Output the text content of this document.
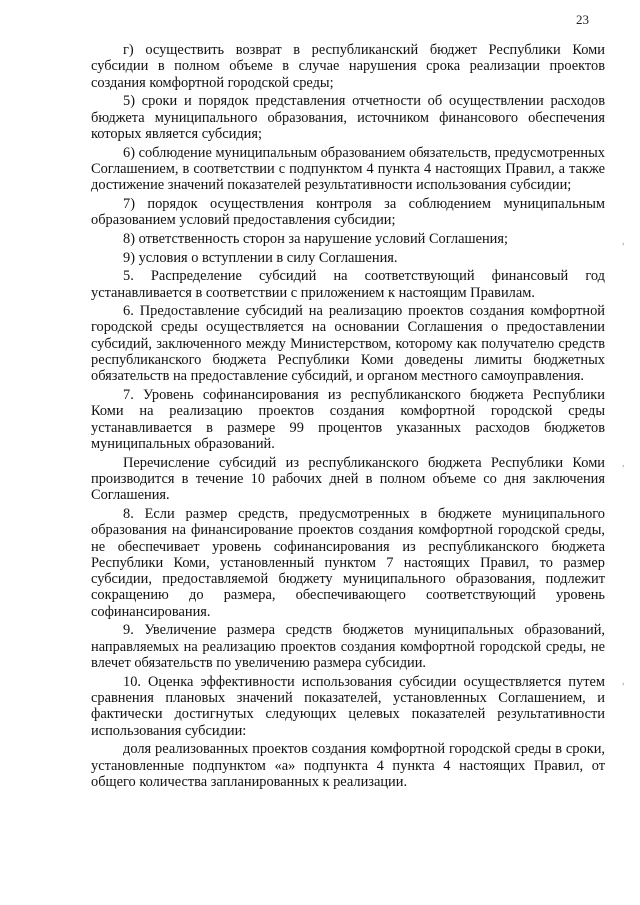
23

г) осуществить возврат в республиканский бюджет Республики Коми субсидии в полном объеме в случае нарушения срока реализации проектов создания комфортной городской среды;

5) сроки и порядок представления отчетности об осуществлении расходов бюджета муниципального образования, источником финансового обеспечения которых является субсидия;

6) соблюдение муниципальным образованием обязательств, предусмотренных Соглашением, в соответствии с подпунктом 4 пункта 4 настоящих Правил, а также достижение значений показателей результативности использования субсидии;

7) порядок осуществления контроля за соблюдением муниципальным образованием условий предоставления субсидии;

8) ответственность сторон за нарушение условий Соглашения;

9) условия о вступлении в силу Соглашения.

5. Распределение субсидий на соответствующий финансовый год устанавливается в соответствии с приложением к настоящим Правилам.

6. Предоставление субсидий на реализацию проектов создания комфортной городской среды осуществляется на основании Соглашения о предоставлении субсидий, заключенного между Министерством, которому как получателю средств республиканского бюджета Республики Коми доведены лимиты бюджетных обязательств на предоставление субсидий, и органом местного самоуправления.

7. Уровень софинансирования из республиканского бюджета Республики Коми на реализацию проектов создания комфортной городской среды устанавливается в размере 99 процентов указанных расходов бюджетов муниципальных образований.

Перечисление субсидий из республиканского бюджета Республики Коми производится в течение 10 рабочих дней в полном объеме со дня заключения Соглашения.

8. Если размер средств, предусмотренных в бюджете муниципального образования на финансирование проектов создания комфортной городской среды, не обеспечивает уровень софинансирования из республиканского бюджета Республики Коми, установленный пунктом 7 настоящих Правил, то размер субсидии, предоставляемой бюджету муниципального образования, подлежит сокращению до размера, обеспечивающего соответствующий уровень софинансирования.

9. Увеличение размера средств бюджетов муниципальных образований, направляемых на реализацию проектов создания комфортной городской среды, не влечет обязательств по увеличению размера субсидии.

10. Оценка эффективности использования субсидии осуществляется путем сравнения плановых значений показателей, установленных Соглашением, и фактически достигнутых следующих целевых показателей результативности использования субсидии:

доля реализованных проектов создания комфортной городской среды в сроки, установленные подпунктом «а» подпункта 4 пункта 4 настоящих Правил, от общего количества запланированных к реализации.

,
,
,
